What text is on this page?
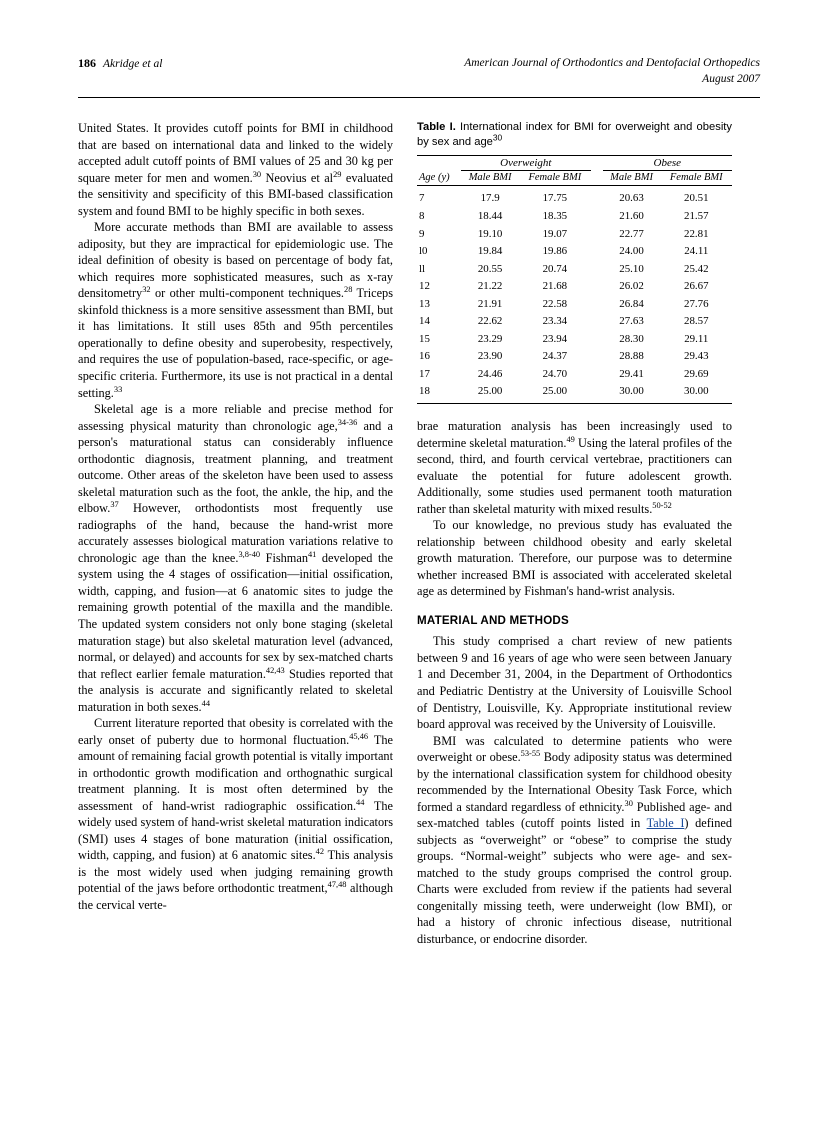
186 Akridge et al	American Journal of Orthodontics and Dentofacial Orthopedics
August 2007

United States. It provides cutoff points for BMI in childhood that are based on international data and linked to the widely accepted adult cutoff points of BMI values of 25 and 30 kg per square meter for men and women.$^{30}$ Neovius et $al^{29}$ evaluated the sensitivity and specificity of this BMI-based classification system and found BMI to be highly specific in both sexes.

More accurate methods than BMI are available to assess adiposity, but they are impractical for epidemiologic use. The ideal definition of obesity is based on percentage of body fat, which requires more sophisticated measures, such as x-ray densitometry$^{32}$ or other multi-component techniques.$^{28}$ Triceps skinfold thickness is a more sensitive assessment than BMI, but it has limitations. It still uses 85th and 95th percentiles operationally to define obesity and superobesity, respectively, and requires the use of population-based, race-specific, or age-specific criteria. Furthermore, its use is not practical in a dental setting.$^{33}$

Skeletal age is a more reliable and precise method for assessing physical maturity than chronologic age,$^{34-36}$ and a person's maturational status can considerably influence orthodontic diagnosis, treatment planning, and treatment outcome. Other areas of the skeleton have been used to assess skeletal maturation such as the foot, the ankle, the hip, and the elbow.$^{37}$ However, orthodontists most frequently use radiographs of the hand, because the hand-wrist more accurately assesses biological maturation variations relative to chronologic age than the knee.$^{3,8-40}$ Fishman$^{41}$ developed the system using the 4 stages of ossification—initial ossification, width, capping, and fusion—at 6 anatomic sites to judge the remaining growth potential of the maxilla and the mandible. The updated system considers not only bone staging (skeletal maturation stage) but also skeletal maturation level (advanced, normal, or delayed) and accounts for sex by sex-matched charts that reflect earlier female maturation.$^{42,43}$ Studies reported that the analysis is accurate and significantly related to skeletal maturation in both sexes.$^{44}$

Current literature reported that obesity is correlated with the early onset of puberty due to hormonal fluctuation.$^{45,46}$ The amount of remaining facial growth potential is vitally important in orthodontic growth modification and orthognathic surgical treatment planning. It is most often determined by the assessment of hand-wrist radiographic ossification.$^{44}$ The widely used system of hand-wrist skeletal maturation indicators (SMI) uses 4 stages of bone maturation (initial ossification, width, capping, and fusion) at 6 anatomic sites.$^{42}$ This analysis is the most widely used when judging remaining growth potential of the jaws before orthodontic treatment,$^{47,48}$ although the cervical verte-

Table I. International index for BMI for overweight and obesity by sex and age$^{30}$
	Overweight			Obese	
Age (y)	Male BMI	Female BMI		Male BMI	Female BMI
7	17.9	17.75		20.63	20.51
8	18.44	18.35		21.60	21.57
9	19.10	19.07		22.77	22.81
l0	19.84	19.86		24.00	24.11
ll	20.55	20.74		25.10	25.42
12	21.22	21.68		26.02	26.67
13	21.91	22.58		26.84	27.76
14	22.62	23.34		27.63	28.57
15	23.29	23.94		28.30	29.11
16	23.90	24.37		28.88	29.43
17	24.46	24.70		29.41	29.69
18	25.00	25.00		30.00	30.00

brae maturation analysis has been increasingly used to determine skeletal maturation.$^{49}$ Using the lateral profiles of the second, third, and fourth cervical vertebrae, practitioners can evaluate the potential for future adolescent growth. Additionally, some studies used permanent tooth maturation rather than skeletal maturity with mixed results.$^{50-52}$

To our knowledge, no previous study has evaluated the relationship between childhood obesity and early skeletal growth maturation. Therefore, our purpose was to determine whether increased BMI is associated with accelerated skeletal age as determined by Fishman's hand-wrist analysis.

MATERIAL AND METHODS

This study comprised a chart review of new patients between 9 and 16 years of age who were seen between January 1 and December 31, 2004, in the Department of Orthodontics and Pediatric Dentistry at the University of Louisville School of Dentistry, Louisville, Ky. Appropriate institutional review board approval was received by the University of Louisville.

BMI was calculated to determine patients who were overweight or obese.$^{53-55}$ Body adiposity status was determined by the international classification system for childhood obesity recommended by the International Obesity Task Force, which formed a standard regardless of ethnicity.$^{30}$ Published age- and sex-matched tables (cutoff points listed in Table I) defined subjects as “overweight” or “obese” to comprise the study groups. “Normal-weight” subjects who were age- and sex-matched to the study groups comprised the control group. Charts were excluded from review if the patients had several congenitally missing teeth, were underweight (low BMI), or had a history of chronic infectious disease, nutritional disturbance, or endocrine disorder.
